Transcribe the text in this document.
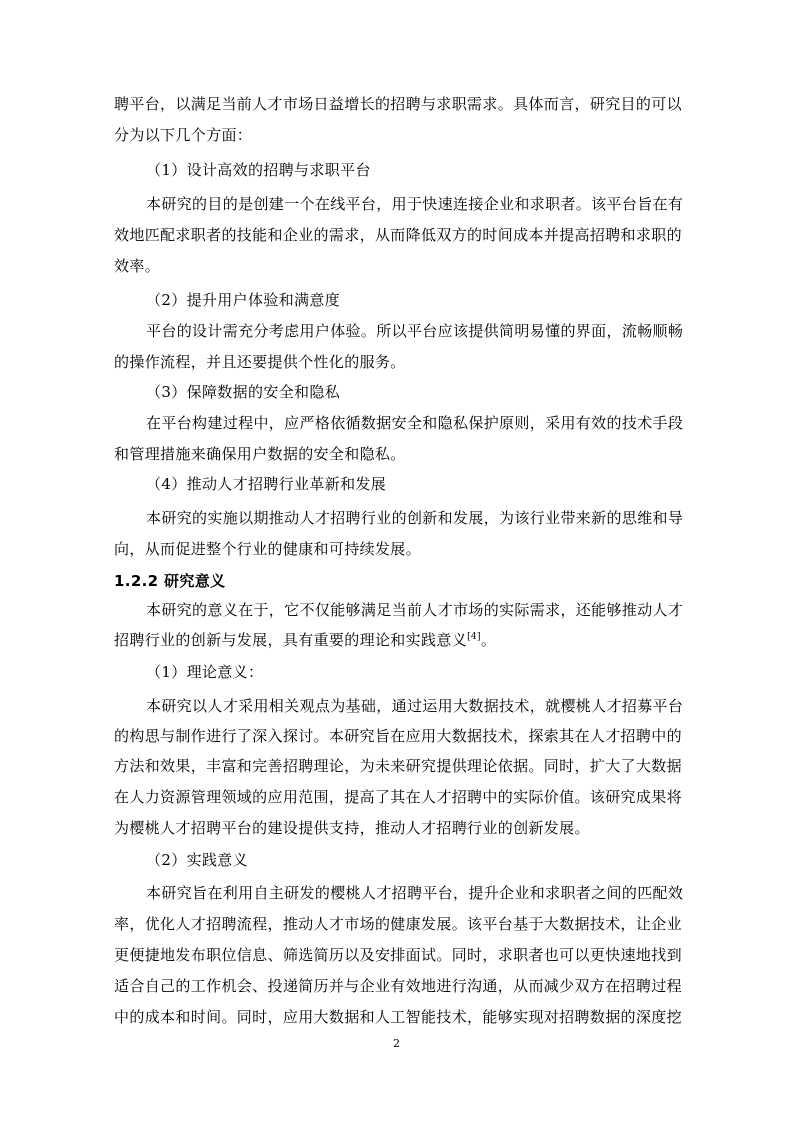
聘平台，以满足当前人才市场日益增长的招聘与求职需求。具体而言，研究目的可以
分为以下几个方面：
（1）设计高效的招聘与求职平台
本研究的目的是创建一个在线平台，用于快速连接企业和求职者。该平台旨在有
效地匹配求职者的技能和企业的需求，从而降低双方的时间成本并提高招聘和求职的
效率。
（2）提升用户体验和满意度
平台的设计需充分考虑用户体验。所以平台应该提供简明易懂的界面，流畅顺畅
的操作流程，并且还要提供个性化的服务。
（3）保障数据的安全和隐私
在平台构建过程中，应严格依循数据安全和隐私保护原则，采用有效的技术手段
和管理措施来确保用户数据的安全和隐私。
（4）推动人才招聘行业革新和发展
本研究的实施以期推动人才招聘行业的创新和发展，为该行业带来新的思维和导
向，从而促进整个行业的健康和可持续发展。
1.2.2 研究意义
本研究的意义在于，它不仅能够满足当前人才市场的实际需求，还能够推动人才
招聘行业的创新与发展，具有重要的理论和实践意义[4]。
（1）理论意义：
本研究以人才采用相关观点为基础，通过运用大数据技术，就樱桃人才招募平台
的构思与制作进行了深入探讨。本研究旨在应用大数据技术，探索其在人才招聘中的
方法和效果，丰富和完善招聘理论，为未来研究提供理论依据。同时，扩大了大数据
在人力资源管理领域的应用范围，提高了其在人才招聘中的实际价值。该研究成果将
为樱桃人才招聘平台的建设提供支持，推动人才招聘行业的创新发展。
（2）实践意义
本研究旨在利用自主研发的樱桃人才招聘平台，提升企业和求职者之间的匹配效
率，优化人才招聘流程，推动人才市场的健康发展。该平台基于大数据技术，让企业
更便捷地发布职位信息、筛选简历以及安排面试。同时，求职者也可以更快速地找到
适合自己的工作机会、投递简历并与企业有效地进行沟通，从而减少双方在招聘过程
中的成本和时间。同时，应用大数据和人工智能技术，能够实现对招聘数据的深度挖
2
